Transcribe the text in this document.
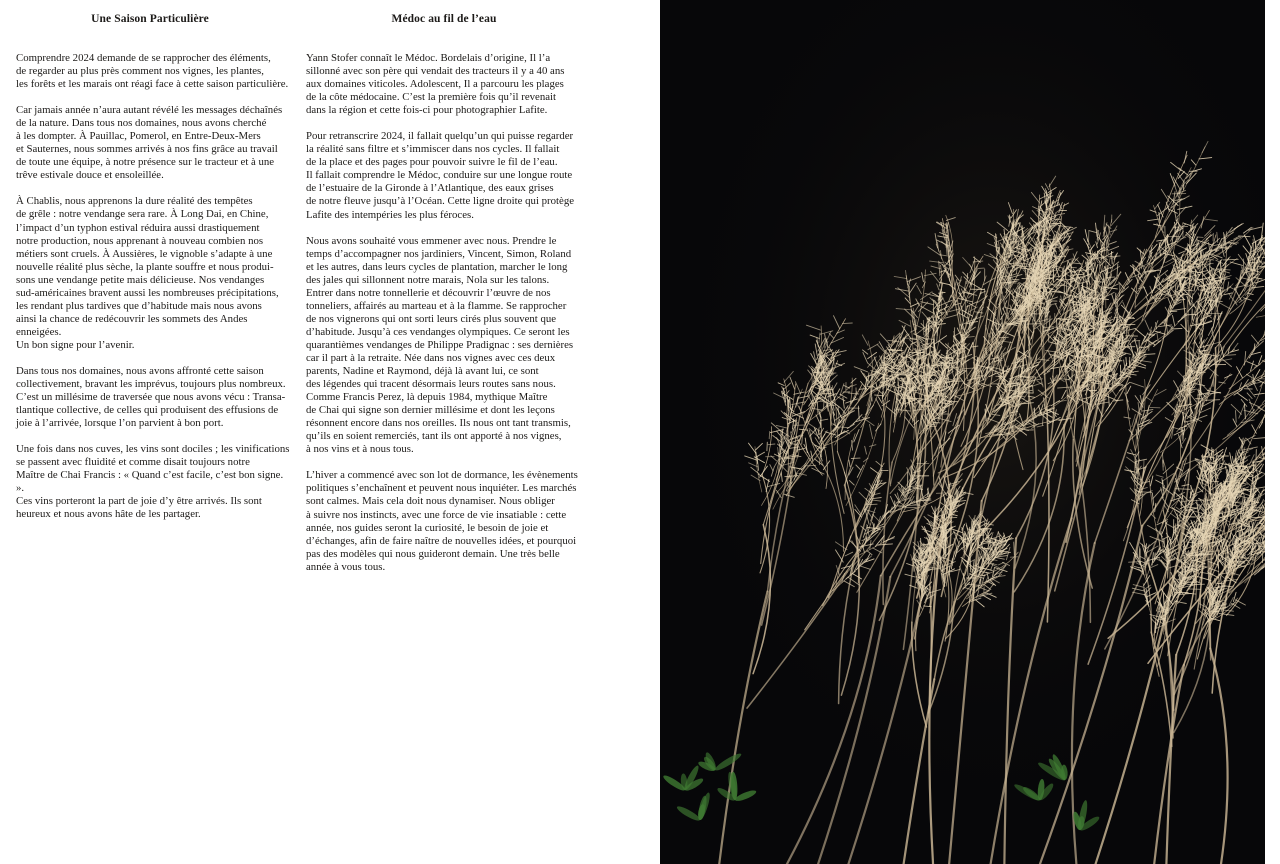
Une Saison Particulière

Comprendre 2024 demande de se rapprocher des éléments,
de regarder au plus près comment nos vignes, les plantes,
les forêts et les marais ont réagi face à cette saison particulière.

Car jamais année n’aura autant révélé les messages déchaînés
de la nature. Dans tous nos domaines, nous avons cherché
à les dompter. À Pauillac, Pomerol, en Entre-Deux-Mers
et Sauternes, nous sommes arrivés à nos fins grâce au travail
de toute une équipe, à notre présence sur le tracteur et à une
trêve estivale douce et ensoleillée.

À Chablis, nous apprenons la dure réalité des tempêtes
de grêle : notre vendange sera rare. À Long Dai, en Chine,
l’impact d’un typhon estival réduira aussi drastiquement
notre production, nous apprenant à nouveau combien nos
métiers sont cruels. À Aussières, le vignoble s’adapte à une
nouvelle réalité plus sèche, la plante souffre et nous produi-
sons une vendange petite mais délicieuse. Nos vendanges
sud-américaines bravent aussi les nombreuses précipitations,
les rendant plus tardives que d’habitude mais nous avons
ainsi la chance de redécouvrir les sommets des Andes enneigées.
Un bon signe pour l’avenir.

Dans tous nos domaines, nous avons affronté cette saison
collectivement, bravant les imprévus, toujours plus nombreux.
C’est un millésime de traversée que nous avons vécu : Transa-
tlantique collective, de celles qui produisent des effusions de
joie à l’arrivée, lorsque l’on parvient à bon port.

Une fois dans nos cuves, les vins sont dociles ; les vinifications
se passent avec fluidité et comme disait toujours notre
Maître de Chai Francis : « Quand c’est facile, c’est bon signe. ».
Ces vins porteront la part de joie d’y être arrivés. Ils sont
heureux et nous avons hâte de les partager.

Médoc au fil de l’eau

Yann Stofer connaît le Médoc. Bordelais d’origine, Il l’a
sillonné avec son père qui vendait des tracteurs il y a 40 ans
aux domaines viticoles. Adolescent, Il a parcouru les plages
de la côte médocaine. C’est la première fois qu’il revenait
dans la région et cette fois-ci pour photographier Lafite.

Pour retranscrire 2024, il fallait quelqu’un qui puisse regarder
la réalité sans filtre et s’immiscer dans nos cycles. Il fallait
de la place et des pages pour pouvoir suivre le fil de l’eau.
Il fallait comprendre le Médoc, conduire sur une longue route
de l’estuaire de la Gironde à l’Atlantique, des eaux grises
de notre fleuve jusqu’à l’Océan. Cette ligne droite qui protège
Lafite des intempéries les plus féroces.

Nous avons souhaité vous emmener avec nous. Prendre le
temps d’accompagner nos jardiniers, Vincent, Simon, Roland
et les autres, dans leurs cycles de plantation, marcher le long
des jales qui sillonnent notre marais, Nola sur les talons.
Entrer dans notre tonnellerie et découvrir l’œuvre de nos
tonneliers, affairés au marteau et à la flamme. Se rapprocher
de nos vignerons qui ont sorti leurs cirés plus souvent que
d’habitude. Jusqu’à ces vendanges olympiques. Ce seront les
quarantièmes vendanges de Philippe Pradignac : ses dernières
car il part à la retraite. Née dans nos vignes avec ces deux
parents, Nadine et Raymond, déjà là avant lui, ce sont
des légendes qui tracent désormais leurs routes sans nous.
Comme Francis Perez, là depuis 1984, mythique Maître
de Chai qui signe son dernier millésime et dont les leçons
résonnent encore dans nos oreilles. Ils nous ont tant transmis,
qu’ils en soient remerciés, tant ils ont apporté à nos vignes,
à nos vins et à nous tous.

L’hiver a commencé avec son lot de dormance, les évènements
politiques s’enchaînent et peuvent nous inquiéter. Les marchés
sont calmes. Mais cela doit nous dynamiser. Nous obliger
à suivre nos instincts, avec une force de vie insatiable : cette
année, nos guides seront la curiosité, le besoin de joie et
d’échanges, afin de faire naître de nouvelles idées, et pourquoi
pas des modèles qui nous guideront demain. Une très belle
année à vous tous.
